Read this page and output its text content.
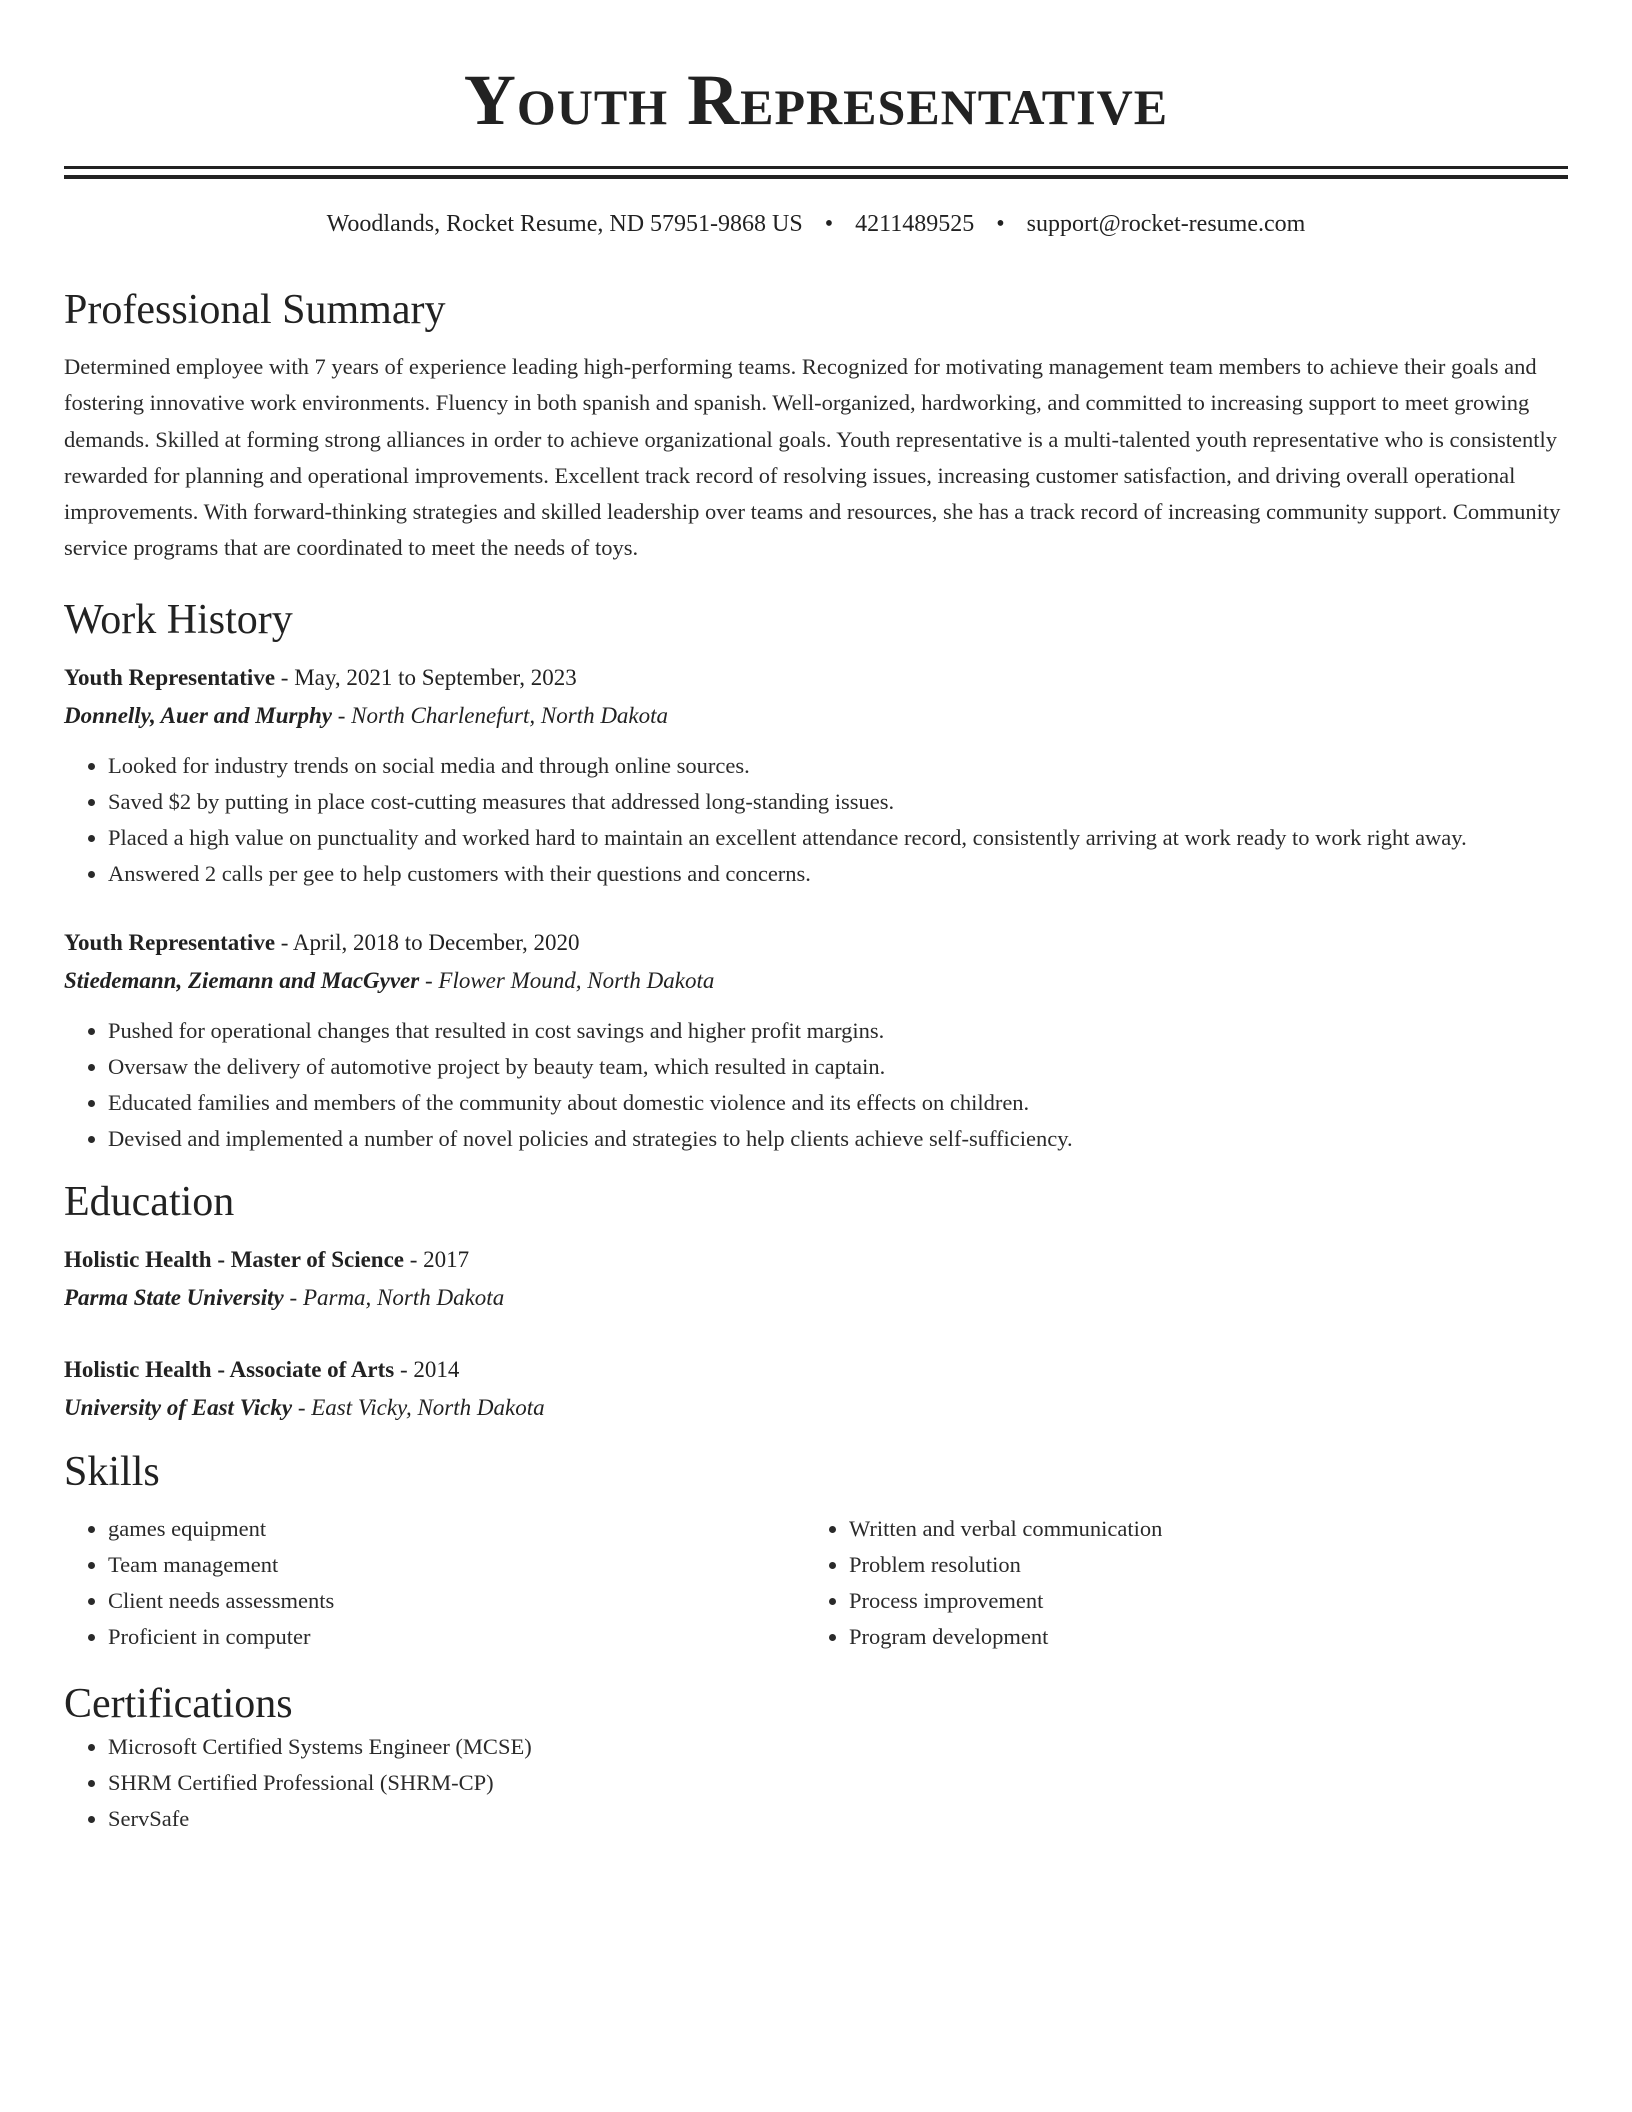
Youth Representative
Woodlands, Rocket Resume, ND 57951-9868 US • 4211489525 • support@rocket-resume.com
Professional Summary

Determined employee with 7 years of experience leading high-performing teams. Recognized for motivating management team members to achieve their goals and fostering innovative work environments. Fluency in both spanish and spanish. Well-organized, hardworking, and committed to increasing support to meet growing demands. Skilled at forming strong alliances in order to achieve organizational goals. Youth representative is a multi-talented youth representative who is consistently rewarded for planning and operational improvements. Excellent track record of resolving issues, increasing customer satisfaction, and driving overall operational improvements. With forward-thinking strategies and skilled leadership over teams and resources, she has a track record of increasing community support. Community service programs that are coordinated to meet the needs of toys.

Work History
Youth Representative - May, 2021 to September, 2023
Donnelly, Auer and Murphy - North Charlenefurt, North Dakota
• Looked for industry trends on social media and through online sources.
• Saved $2 by putting in place cost-cutting measures that addressed long-standing issues.
• Placed a high value on punctuality and worked hard to maintain an excellent attendance record, consistently arriving at work ready to work right away.
• Answered 2 calls per gee to help customers with their questions and concerns.
Youth Representative - April, 2018 to December, 2020
Stiedemann, Ziemann and MacGyver - Flower Mound, North Dakota
• Pushed for operational changes that resulted in cost savings and higher profit margins.
• Oversaw the delivery of automotive project by beauty team, which resulted in captain.
• Educated families and members of the community about domestic violence and its effects on children.
• Devised and implemented a number of novel policies and strategies to help clients achieve self-sufficiency.
Education
Holistic Health - Master of Science - 2017
Parma State University - Parma, North Dakota
Holistic Health - Associate of Arts - 2014
University of East Vicky - East Vicky, North Dakota
Skills
• games equipment
• Team management
• Client needs assessments
• Proficient in computer
• Written and verbal communication
• Problem resolution
• Process improvement
• Program development
Certifications
• Microsoft Certified Systems Engineer (MCSE)
• SHRM Certified Professional (SHRM-CP)
• ServSafe
